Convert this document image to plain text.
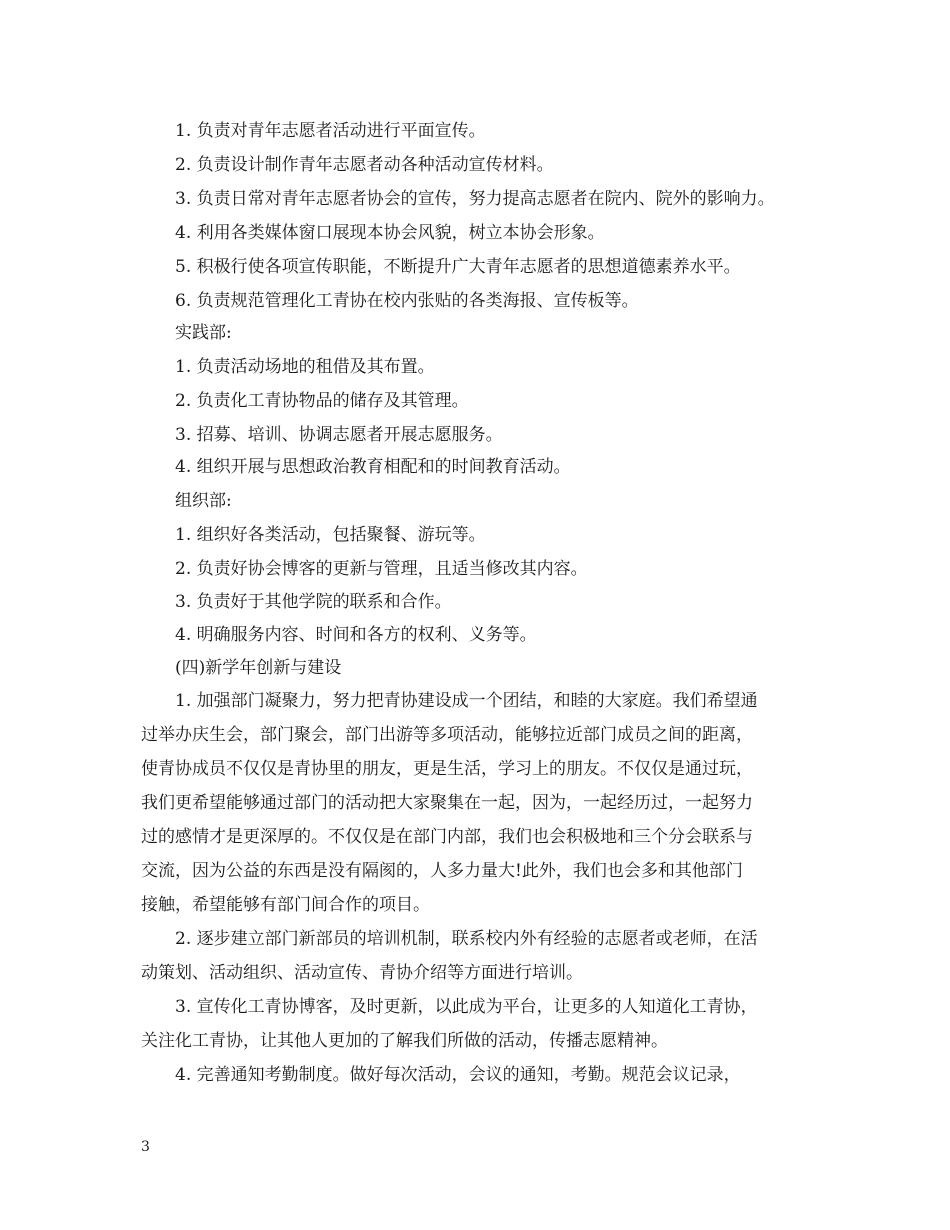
1. 负责对青年志愿者活动进行平面宣传。
2. 负责设计制作青年志愿者动各种活动宣传材料。
3. 负责日常对青年志愿者协会的宣传，努力提高志愿者在院内、院外的影响力。
4. 利用各类媒体窗口展现本协会风貌，树立本协会形象。
5. 积极行使各项宣传职能，不断提升广大青年志愿者的思想道德素养水平。
6. 负责规范管理化工青协在校内张贴的各类海报、宣传板等。
实践部:
1. 负责活动场地的租借及其布置。
2. 负责化工青协物品的储存及其管理。
3. 招募、培训、协调志愿者开展志愿服务。
4. 组织开展与思想政治教育相配和的时间教育活动。
组织部:
1. 组织好各类活动，包括聚餐、游玩等。
2. 负责好协会博客的更新与管理，且适当修改其内容。
3. 负责好于其他学院的联系和合作。
4. 明确服务内容、时间和各方的权利、义务等。
(四)新学年创新与建设
1. 加强部门凝聚力，努力把青协建设成一个团结，和睦的大家庭。我们希望通
过举办庆生会，部门聚会，部门出游等多项活动，能够拉近部门成员之间的距离，
使青协成员不仅仅是青协里的朋友，更是生活，学习上的朋友。不仅仅是通过玩，
我们更希望能够通过部门的活动把大家聚集在一起，因为，一起经历过，一起努力
过的感情才是更深厚的。不仅仅是在部门内部，我们也会积极地和三个分会联系与
交流，因为公益的东西是没有隔阂的，人多力量大!此外，我们也会多和其他部门
接触，希望能够有部门间合作的项目。
2. 逐步建立部门新部员的培训机制，联系校内外有经验的志愿者或老师，在活
动策划、活动组织、活动宣传、青协介绍等方面进行培训。
3. 宣传化工青协博客，及时更新，以此成为平台，让更多的人知道化工青协，
关注化工青协，让其他人更加的了解我们所做的活动，传播志愿精神。
4. 完善通知考勤制度。做好每次活动，会议的通知，考勤。规范会议记录，
3
